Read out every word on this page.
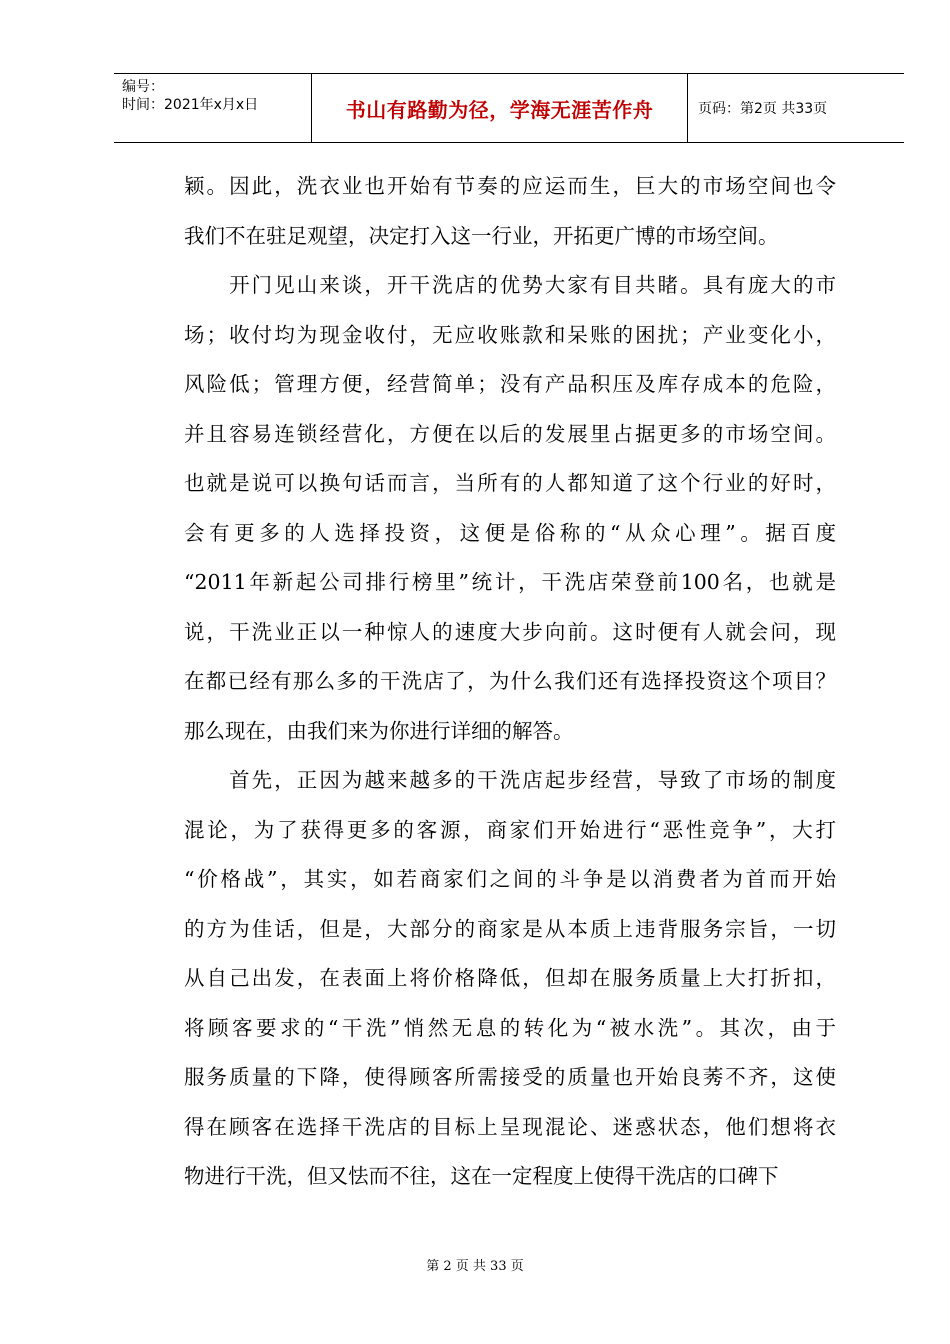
编号：
时间：2021年x月x日	书山有路勤为径，学海无涯苦作舟	页码：第2页 共33页
颖。因此，洗衣业也开始有节奏的应运而生，巨大的市场空间也令
我们不在驻足观望，决定打入这一行业，开拓更广博的市场空间。
　　开门见山来谈，开干洗店的优势大家有目共睹。具有庞大的市
场；收付均为现金收付，无应收账款和呆账的困扰；产业变化小，
风险低；管理方便，经营简单；没有产品积压及库存成本的危险，
并且容易连锁经营化，方便在以后的发展里占据更多的市场空间。
也就是说可以换句话而言，当所有的人都知道了这个行业的好时，
会有更多的人选择投资，这便是俗称的“从众心理”。据百度
“2011年新起公司排行榜里”统计，干洗店荣登前100名，也就是
说，干洗业正以一种惊人的速度大步向前。这时便有人就会问，现
在都已经有那么多的干洗店了，为什么我们还有选择投资这个项目？
那么现在，由我们来为你进行详细的解答。
　　首先，正因为越来越多的干洗店起步经营，导致了市场的制度
混论，为了获得更多的客源，商家们开始进行“恶性竞争”，大打
“价格战”，其实，如若商家们之间的斗争是以消费者为首而开始
的方为佳话，但是，大部分的商家是从本质上违背服务宗旨，一切
从自己出发，在表面上将价格降低，但却在服务质量上大打折扣，
将顾客要求的“干洗”悄然无息的转化为“被水洗”。其次，由于
服务质量的下降，使得顾客所需接受的质量也开始良莠不齐，这使
得在顾客在选择干洗店的目标上呈现混论、迷惑状态，他们想将衣
物进行干洗，但又怯而不往，这在一定程度上使得干洗店的口碑下
第 2 页 共 33 页
